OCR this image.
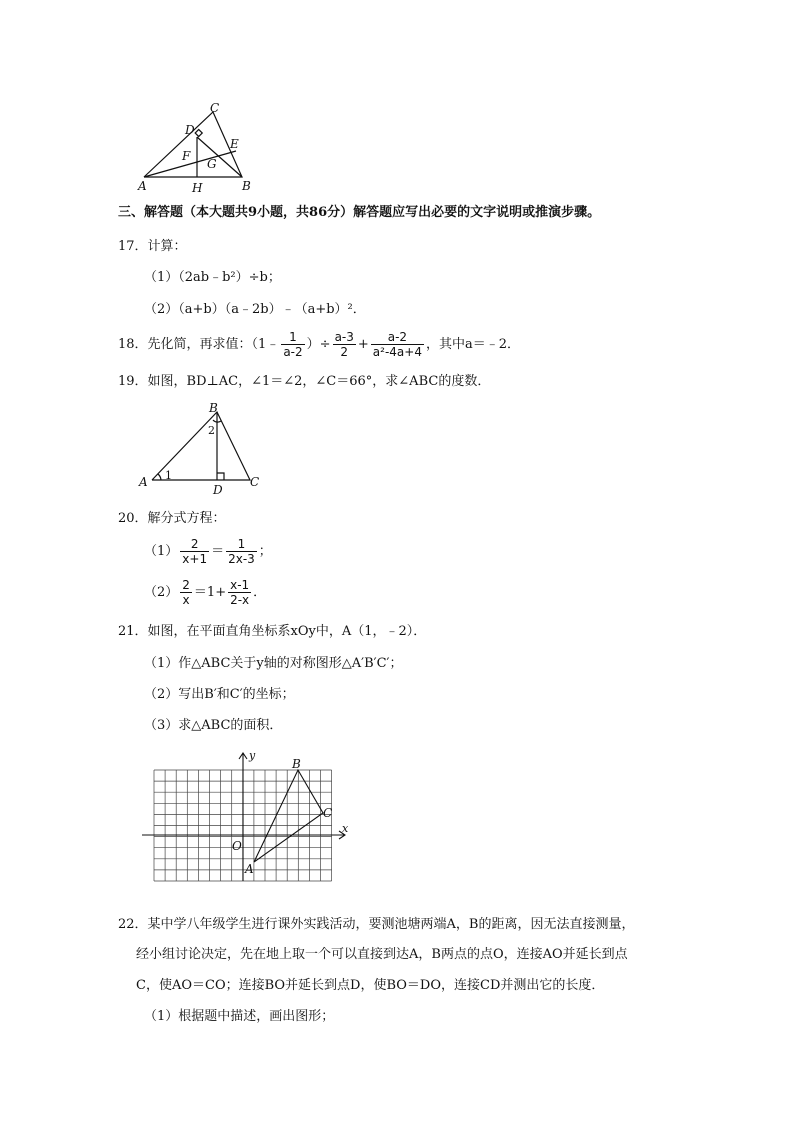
C
D
E
F
G
A	H	B
三、解答题（本大题共9小题，共86分）解答题应写出必要的文字说明或推演步骤。
17．计算：
（1）（2ab﹣b²）÷b；
（2）（a+b）（a﹣2b）﹣（a+b）²．
18．先化简，再求值：（1﹣ $\frac{1}{a-2}$ ）÷ $\frac{a-3}{2} + \frac{a-2}{\text{a²-4a+4}}$ ，其中a＝﹣2．
19．如图，BD⊥AC，∠1＝∠2，∠C＝66°，求∠ABC的度数．
B
2
1
A
D
C
20．解分式方程：
$(1) \frac{2}{x+1} = \frac{1}{2x-3}$ ；
$(2) \frac{2}{x} =1+ \frac{x-1}{2-x}$ ．
21．如图，在平面直角坐标系xOy中，A（1，﹣2）．
（1）作△ABC关于y轴的对称图形△A′B′C′；
（2）写出B′和C′的坐标；
（3）求△ABC的面积．
x
y
O
A
B
C
22．某中学八年级学生进行课外实践活动，要测池塘两端A，B的距离，因无法直接测量，
经小组讨论决定，先在地上取一个可以直接到达A，B两点的点O，连接AO并延长到点
C，使AO＝CO；连接BO并延长到点D，使BO＝DO，连接CD并测出它的长度．
（1）根据题中描述，画出图形；
